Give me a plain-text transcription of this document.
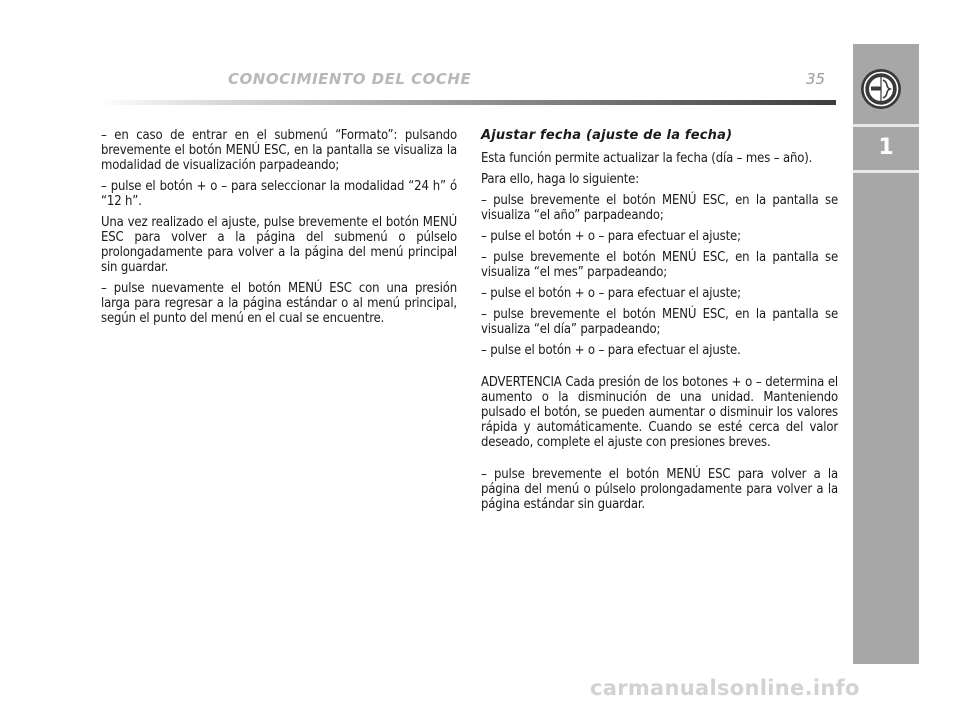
CONOCIMIENTO DEL COCHE	35
1

– en caso de entrar en el submenú “Formato”: pulsando brevemente el botón MENÚ ESC, en la pantalla se visualiza la modalidad de visualización parpadeando;

– pulse el botón + o – para seleccionar la modalidad “24 h” ó “12 h”.

Una vez realizado el ajuste, pulse brevemente el botón MENÚ ESC para volver a la página del submenú o púlselo prolongadamente para volver a la página del menú principal sin guardar.

– pulse nuevamente el botón MENÚ ESC con una presión larga para regresar a la página estándar o al menú principal, según el punto del menú en el cual se encuentre.

Ajustar fecha (ajuste de la fecha)

Esta función permite actualizar la fecha (día – mes – año).

Para ello, haga lo siguiente:

– pulse brevemente el botón MENÚ ESC, en la pantalla se visualiza “el año” parpadeando;

– pulse el botón + o – para efectuar el ajuste;

– pulse brevemente el botón MENÚ ESC, en la pantalla se visualiza “el mes” parpadeando;

– pulse el botón + o – para efectuar el ajuste;

– pulse brevemente el botón MENÚ ESC, en la pantalla se visualiza “el día” parpadeando;

– pulse el botón + o – para efectuar el ajuste.

ADVERTENCIA Cada presión de los botones + o – determina el aumento o la disminución de una unidad. Manteniendo pulsado el botón, se pueden aumentar o disminuir los valores rápida y automáticamente. Cuando se esté cerca del valor deseado, complete el ajuste con presiones breves.

– pulse brevemente el botón MENÚ ESC para volver a la página del menú o púlselo prolongadamente para volver a la página estándar sin guardar.

carmanualsonline.info
